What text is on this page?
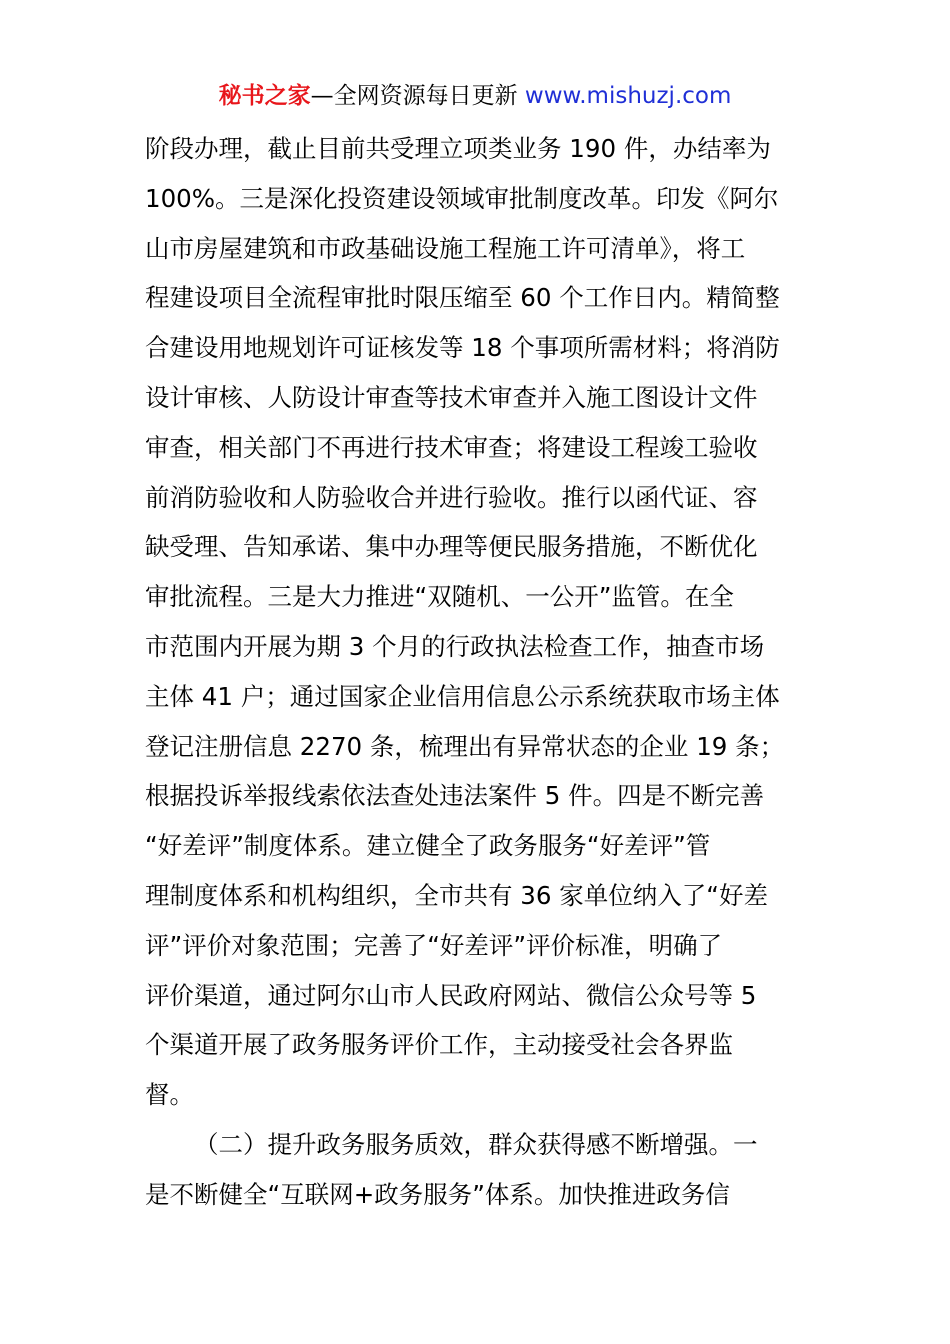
秘书之家—全网资源每日更新 www.mishuzj.com
阶段办理，截止目前共受理立项类业务 190 件，办结率为
100%。三是深化投资建设领域审批制度改革。印发《阿尔
山市房屋建筑和市政基础设施工程施工许可清单》，将工
程建设项目全流程审批时限压缩至 60 个工作日内。精简整
合建设用地规划许可证核发等 18 个事项所需材料；将消防
设计审核、人防设计审查等技术审查并入施工图设计文件
审查，相关部门不再进行技术审查；将建设工程竣工验收
前消防验收和人防验收合并进行验收。推行以函代证、容
缺受理、告知承诺、集中办理等便民服务措施，不断优化
审批流程。三是大力推进“双随机、一公开”监管。在全
市范围内开展为期 3 个月的行政执法检查工作，抽查市场
主体 41 户；通过国家企业信用信息公示系统获取市场主体
登记注册信息 2270 条，梳理出有异常状态的企业 19 条；
根据投诉举报线索依法查处违法案件 5 件。四是不断完善
“好差评”制度体系。建立健全了政务服务“好差评”管
理制度体系和机构组织，全市共有 36 家单位纳入了“好差
评”评价对象范围；完善了“好差评”评价标准，明确了
评价渠道，通过阿尔山市人民政府网站、微信公众号等 5
个渠道开展了政务服务评价工作，主动接受社会各界监
督。
（二）提升政务服务质效，群众获得感不断增强。一
是不断健全“互联网+政务服务”体系。加快推进政务信
